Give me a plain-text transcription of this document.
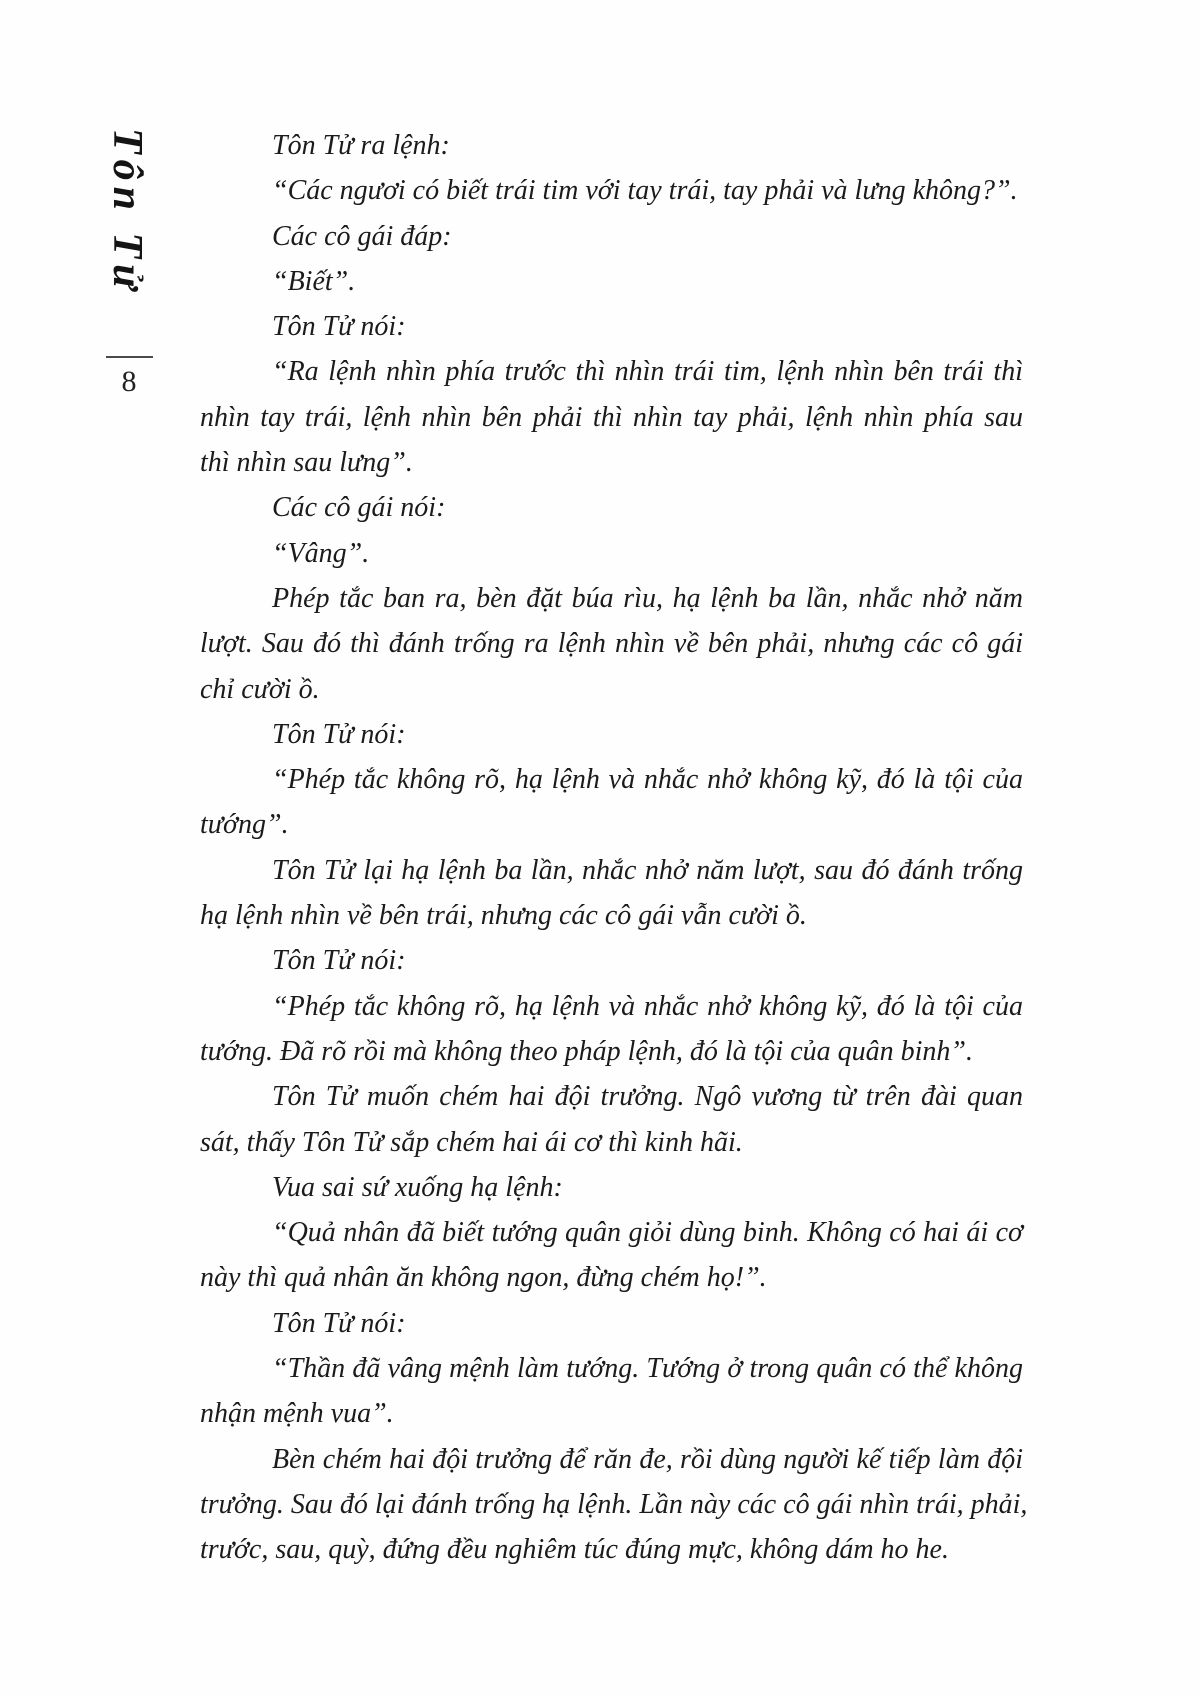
Tôn Tử
8
Tôn Tử ra lệnh:
“Các ngươi có biết trái tim với tay trái, tay phải và lưng không?”.
Các cô gái đáp:
“Biết”.
Tôn Tử nói:
“Ra lệnh nhìn phía trước thì nhìn trái tim, lệnh nhìn bên trái thì
nhìn tay trái, lệnh nhìn bên phải thì nhìn tay phải, lệnh nhìn phía sau
thì nhìn sau lưng”.
Các cô gái nói:
“Vâng”.
Phép tắc ban ra, bèn đặt búa rìu, hạ lệnh ba lần, nhắc nhở năm
lượt. Sau đó thì đánh trống ra lệnh nhìn về bên phải, nhưng các cô gái
chỉ cười ồ.
Tôn Tử nói:
“Phép tắc không rõ, hạ lệnh và nhắc nhở không kỹ, đó là tội của
tướng”.
Tôn Tử lại hạ lệnh ba lần, nhắc nhở năm lượt, sau đó đánh trống
hạ lệnh nhìn về bên trái, nhưng các cô gái vẫn cười ồ.
Tôn Tử nói:
“Phép tắc không rõ, hạ lệnh và nhắc nhở không kỹ, đó là tội của
tướng. Đã rõ rồi mà không theo pháp lệnh, đó là tội của quân binh”.
Tôn Tử muốn chém hai đội trưởng. Ngô vương từ trên đài quan
sát, thấy Tôn Tử sắp chém hai ái cơ thì kinh hãi.
Vua sai sứ xuống hạ lệnh:
“Quả nhân đã biết tướng quân giỏi dùng binh. Không có hai ái cơ
này thì quả nhân ăn không ngon, đừng chém họ!”.
Tôn Tử nói:
“Thần đã vâng mệnh làm tướng. Tướng ở trong quân có thể không
nhận mệnh vua”.
Bèn chém hai đội trưởng để răn đe, rồi dùng người kế tiếp làm đội
trưởng. Sau đó lại đánh trống hạ lệnh. Lần này các cô gái nhìn trái, phải,
trước, sau, quỳ, đứng đều nghiêm túc đúng mực, không dám ho he.
